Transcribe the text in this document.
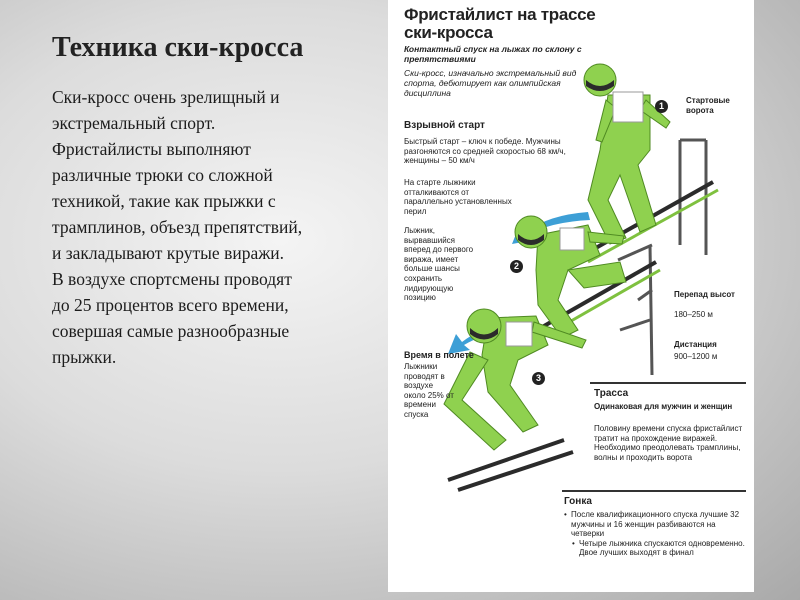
Техника ски-кросса

Ски-кросс очень зрелищный и
экстремальный спорт.
Фристайлисты выполняют
различные трюки со сложной
техникой, такие как прыжки с
трамплинов, объезд препятствий,
и закладывают крутые виражи.
В воздухе спортсмены проводят
до 25 процентов всего времени,
совершая самые разнообразные
прыжки.

Фристайлист на трассе
ски-кросса
Контактный спуск на лыжах по склону с препятствиями
Ски-кросс, изначально экстремальный вид спорта, дебютирует как олимпийская дисциплина
1
Стартовые ворота
Взрывной старт
Быстрый старт – ключ к победе. Мужчины разгоняются со средней скоростью 68 км/ч, женщины – 50 км/ч
На старте лыжники отталкиваются от параллельно установленных перил
Лыжник, вырвавшийся вперед до первого виража, имеет больше шансы сохранить лидирующую позицию
2
Перепад высот
180–250 м
Дистанция
900–1200 м
Время в полете
Лыжники проводят в воздухе около 25% от времени спуска
3
Трасса
Одинаковая для мужчин и женщин
Половину времени спуска фристайлист тратит на прохождение виражей. Необходимо преодолевать трамплины, волны и проходить ворота
Гонка
• После квалификационного спуска лучшие 32 мужчины и 16 женщин разбиваются на четверки
• Четыре лыжника спускаются одновременно. Двое лучших выходят в финал
